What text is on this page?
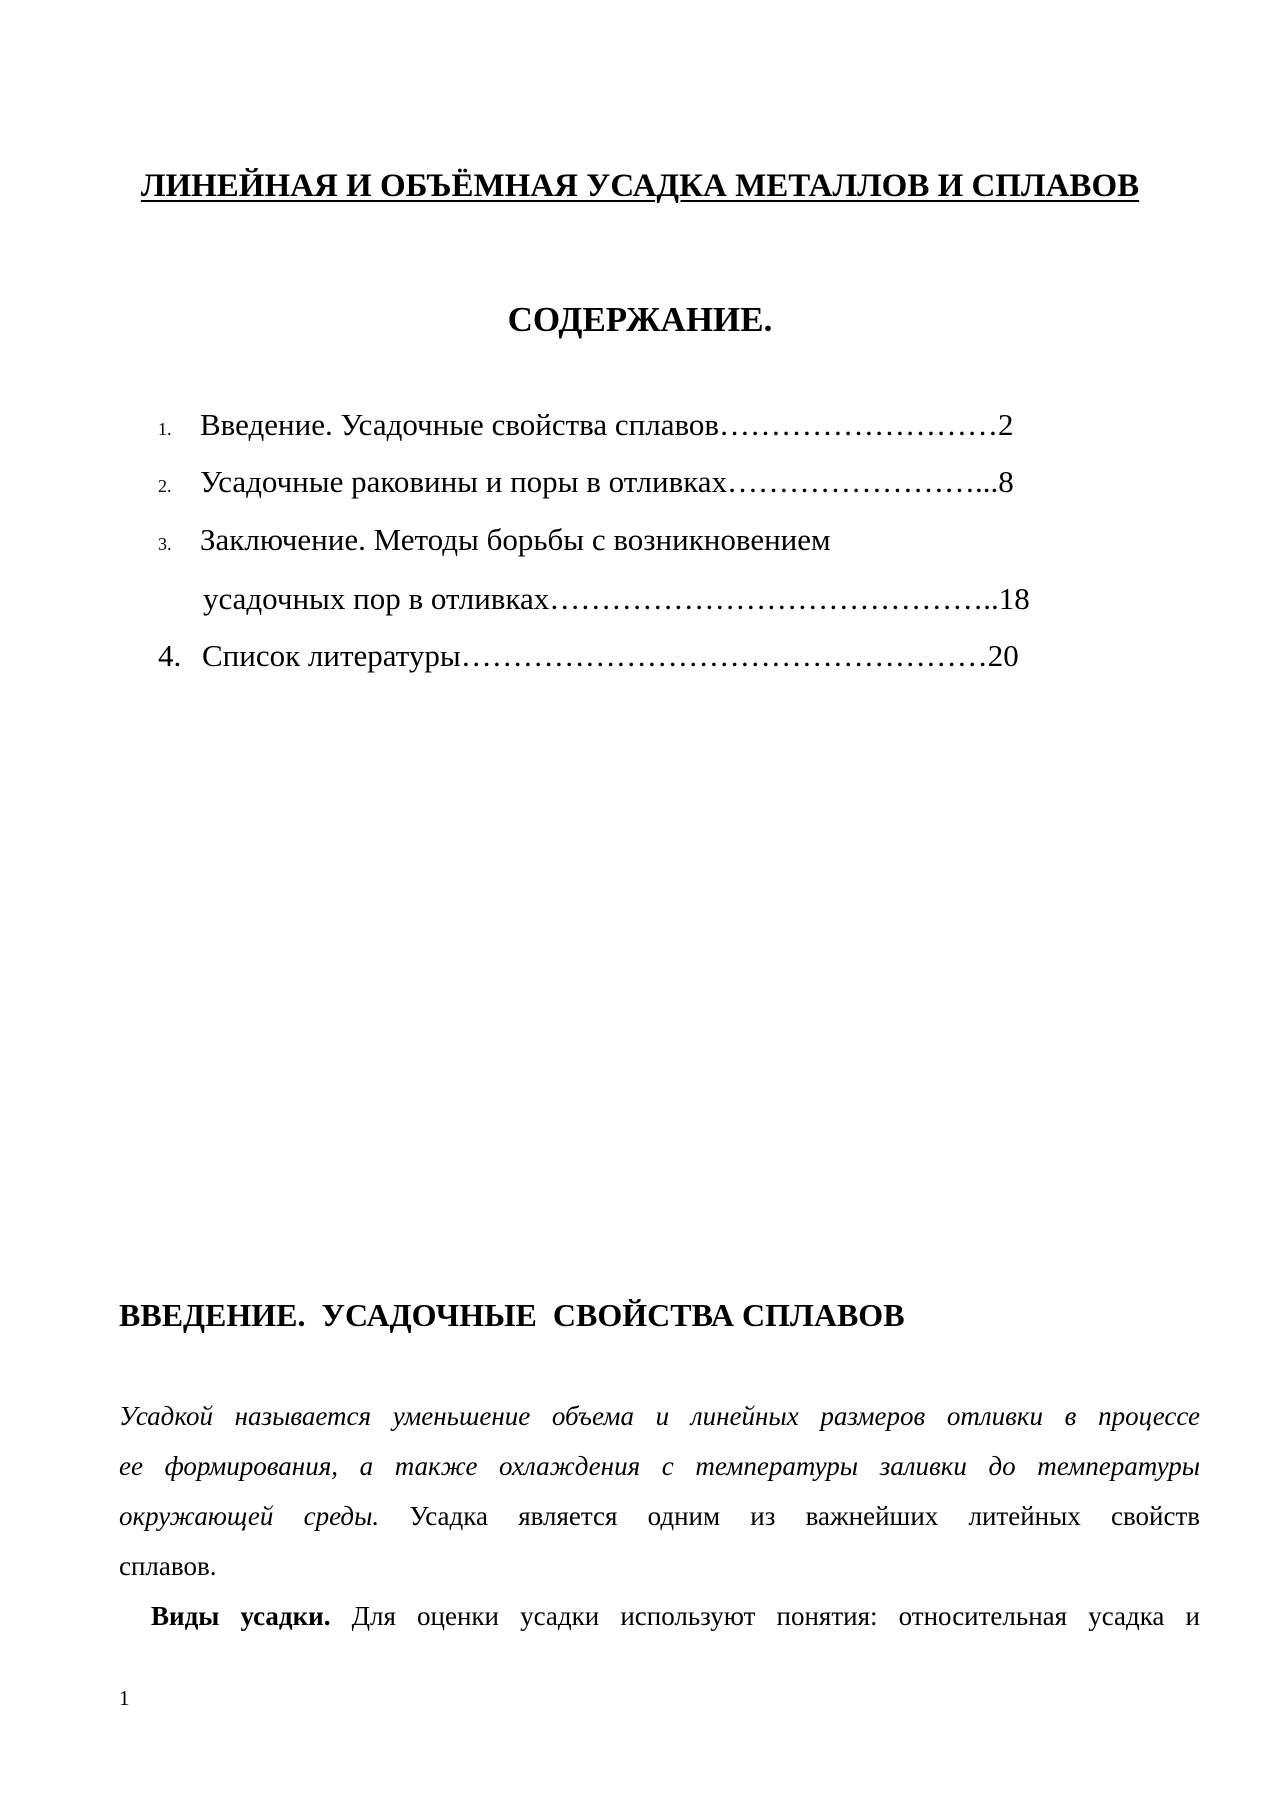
ЛИНЕЙНАЯ И ОБЪЁМНАЯ УСАДКА МЕТАЛЛОВ И СПЛАВОВ
СОДЕРЖАНИЕ.
1. Введение. Усадочные свойства сплавов………………………2
2. Усадочные раковины и поры в отливках……………………...8
3. Заключение. Методы борьбы с возникновением
усадочных пор в отливках……………………………………..18
4. Список литературы……………………………………………20
ВВЕДЕНИЕ.  УСАДОЧНЫЕ  СВОЙСТВА СПЛАВОВ
Усадкой называется уменьшение объема и линейных размеров отливки в процессе
ее формирования, а также охлаждения с температуры заливки до температуры
окружающей среды. Усадка является одним из важнейших литейных свойств
сплавов.
Виды усадки. Для оценки усадки используют понятия: относительная усадка и
1
